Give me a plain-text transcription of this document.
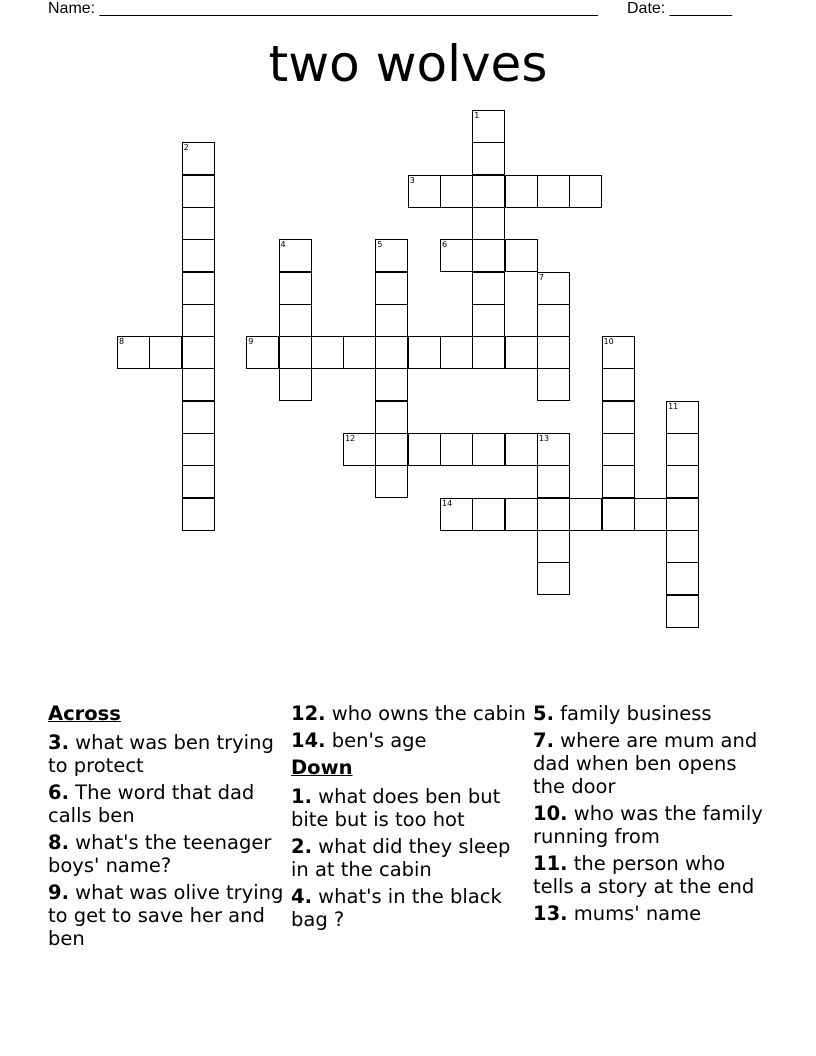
Name: ________________________________________________________ Date: _______
two wolves
1
2
3
4	5	6
7
8	9	10
11
12	13
14
Across
3. what was ben trying to protect
6. The word that dad calls ben
8. what's the teenager boys' name?
9. what was olive trying to get to save her and ben
12. who owns the cabin
14. ben's age
Down
1. what does ben but bite but is too hot
2. what did they sleep in at the cabin
4. what's in the black bag ?
5. family business
7. where are mum and dad when ben opens the door
10. who was the family running from
11. the person who tells a story at the end
13. mums' name
